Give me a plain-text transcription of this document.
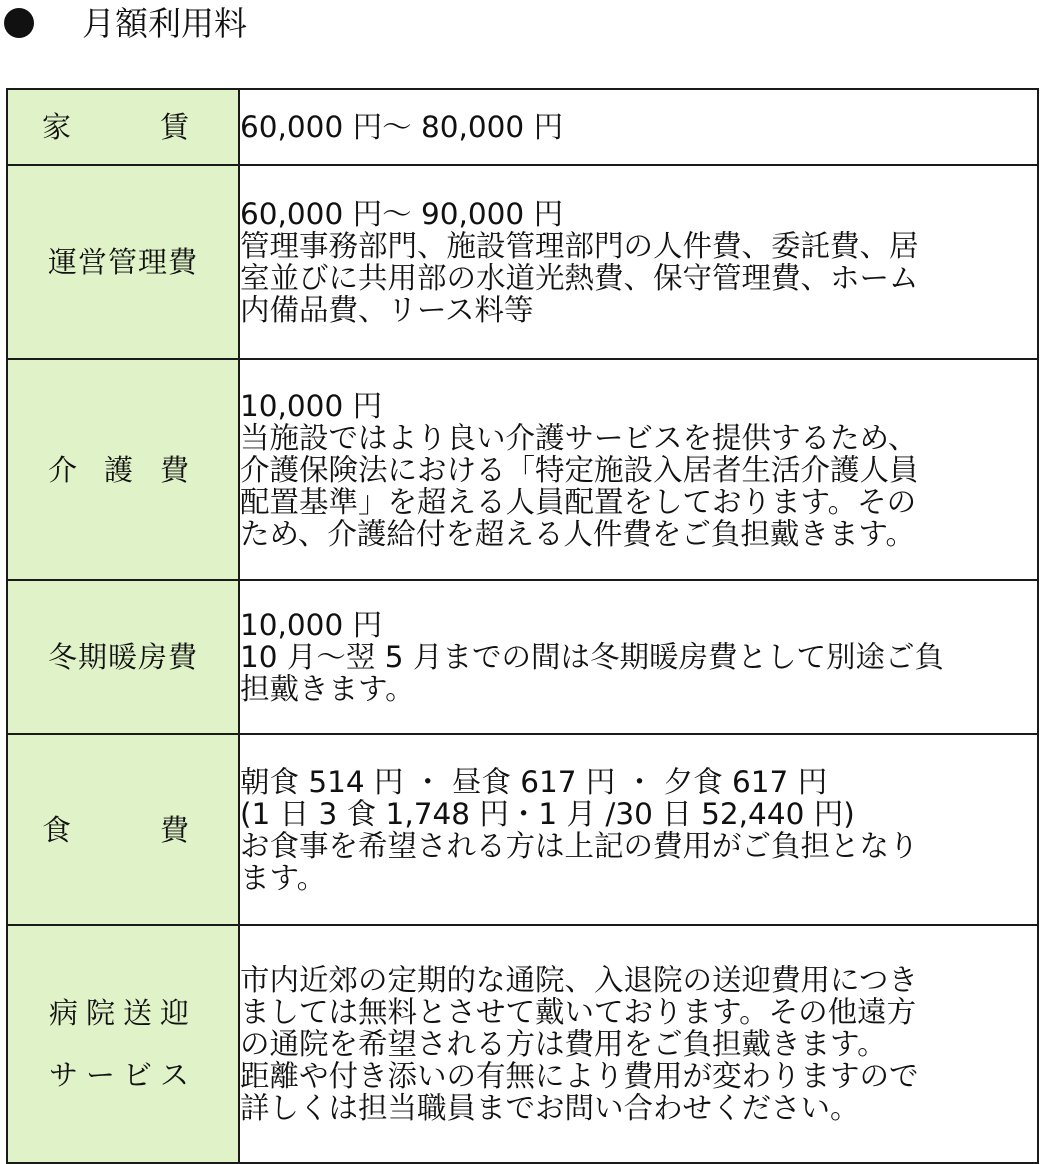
月額利用料
家 賃	60,000 円～ 80,000 円

運営管理費	60,000 円～ 90,000 円
管理事務部門、施設管理部門の人件費、委託費、居
室並びに共用部の水道光熱費、保守管理費、ホーム
内備品費、リース料等

介 護 費	10,000 円
当施設ではより良い介護サービスを提供するため、
介護保険法における「特定施設入居者生活介護人員
配置基準」を超える人員配置をしております。その
ため、介護給付を超える人件費をご負担戴きます。

冬期暖房費	10,000 円
10 月～翌 5 月までの間は冬期暖房費として別途ご負
担戴きます。

食 費	朝食 514 円 ・ 昼食 617 円 ・ 夕食 617 円
(1 日 3 食 1,748 円・1 月 /30 日 52,440 円)
お食事を希望される方は上記の費用がご負担となり
ます。

病院送迎
サービス	市内近郊の定期的な通院、入退院の送迎費用につき
ましては無料とさせて戴いております。その他遠方
の通院を希望される方は費用をご負担戴きます。
距離や付き添いの有無により費用が変わりますので
詳しくは担当職員までお問い合わせください。
